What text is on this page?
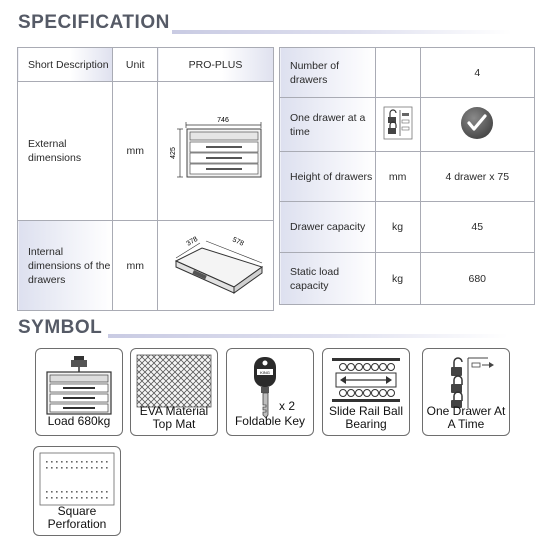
SPECIFICATION
Short Description	Unit	PRO-PLUS
External dimensions	mm	746
425

Internal dimensions of the drawers	mm	378 578
Number of drawers		4
One drawer at a time		
Height of drawers	mm	4 drawer x 75
Drawer capacity	kg	45
Static load capacity	kg	680
SYMBOL
Load 680kg
EVA Material Top Mat
KING
x 2
Foldable Key
Slide Rail Ball Bearing
One Drawer At A Time
Square Perforation
